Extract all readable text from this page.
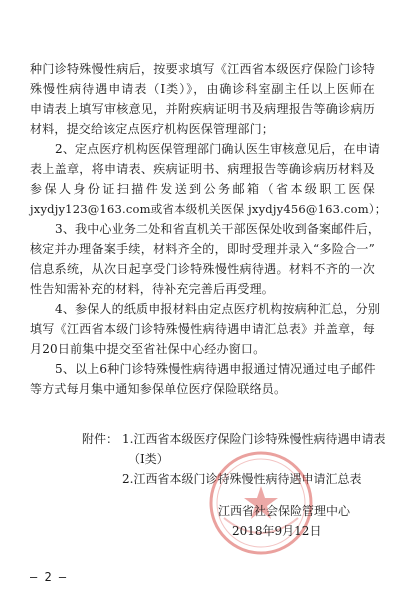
种门诊特殊慢性病后，按要求填写《江西省本级医疗保险门诊特
殊慢性病待遇申请表（Ⅰ类）》，由确诊科室副主任以上医师在
申请表上填写审核意见，并附疾病证明书及病理报告等确诊病历
材料，提交给该定点医疗机构医保管理部门；
2、定点医疗机构医保管理部门确认医生审核意见后，在申请
表上盖章，将申请表、疾病证明书、病理报告等确诊病历材料及
参保人身份证扫描件发送到公务邮箱（省本级职工医保
jxydjy123@163.com或省本级机关医保 jxydjy456@163.com）；
3、我中心业务二处和省直机关干部医保处收到备案邮件后，
核定并办理备案手续，材料齐全的，即时受理并录入“多险合一”
信息系统，从次日起享受门诊特殊慢性病待遇。材料不齐的一次
性告知需补充的材料，待补充完善后再受理。
4、参保人的纸质申报材料由定点医疗机构按病种汇总，分别
填写《江西省本级门诊特殊慢性病待遇申请汇总表》并盖章，每
月20日前集中提交至省社保中心经办窗口。
5、以上6种门诊特殊慢性病待遇申报通过情况通过电子邮件
等方式每月集中通知参保单位医疗保险联络员。
附件： 1.江西省本级医疗保险门诊特殊慢性病待遇申请表
（Ⅰ类）
2.江西省本级门诊特殊慢性病待遇申请汇总表
江西省社会保险管理中心
2018年9月12日
— 2 —
